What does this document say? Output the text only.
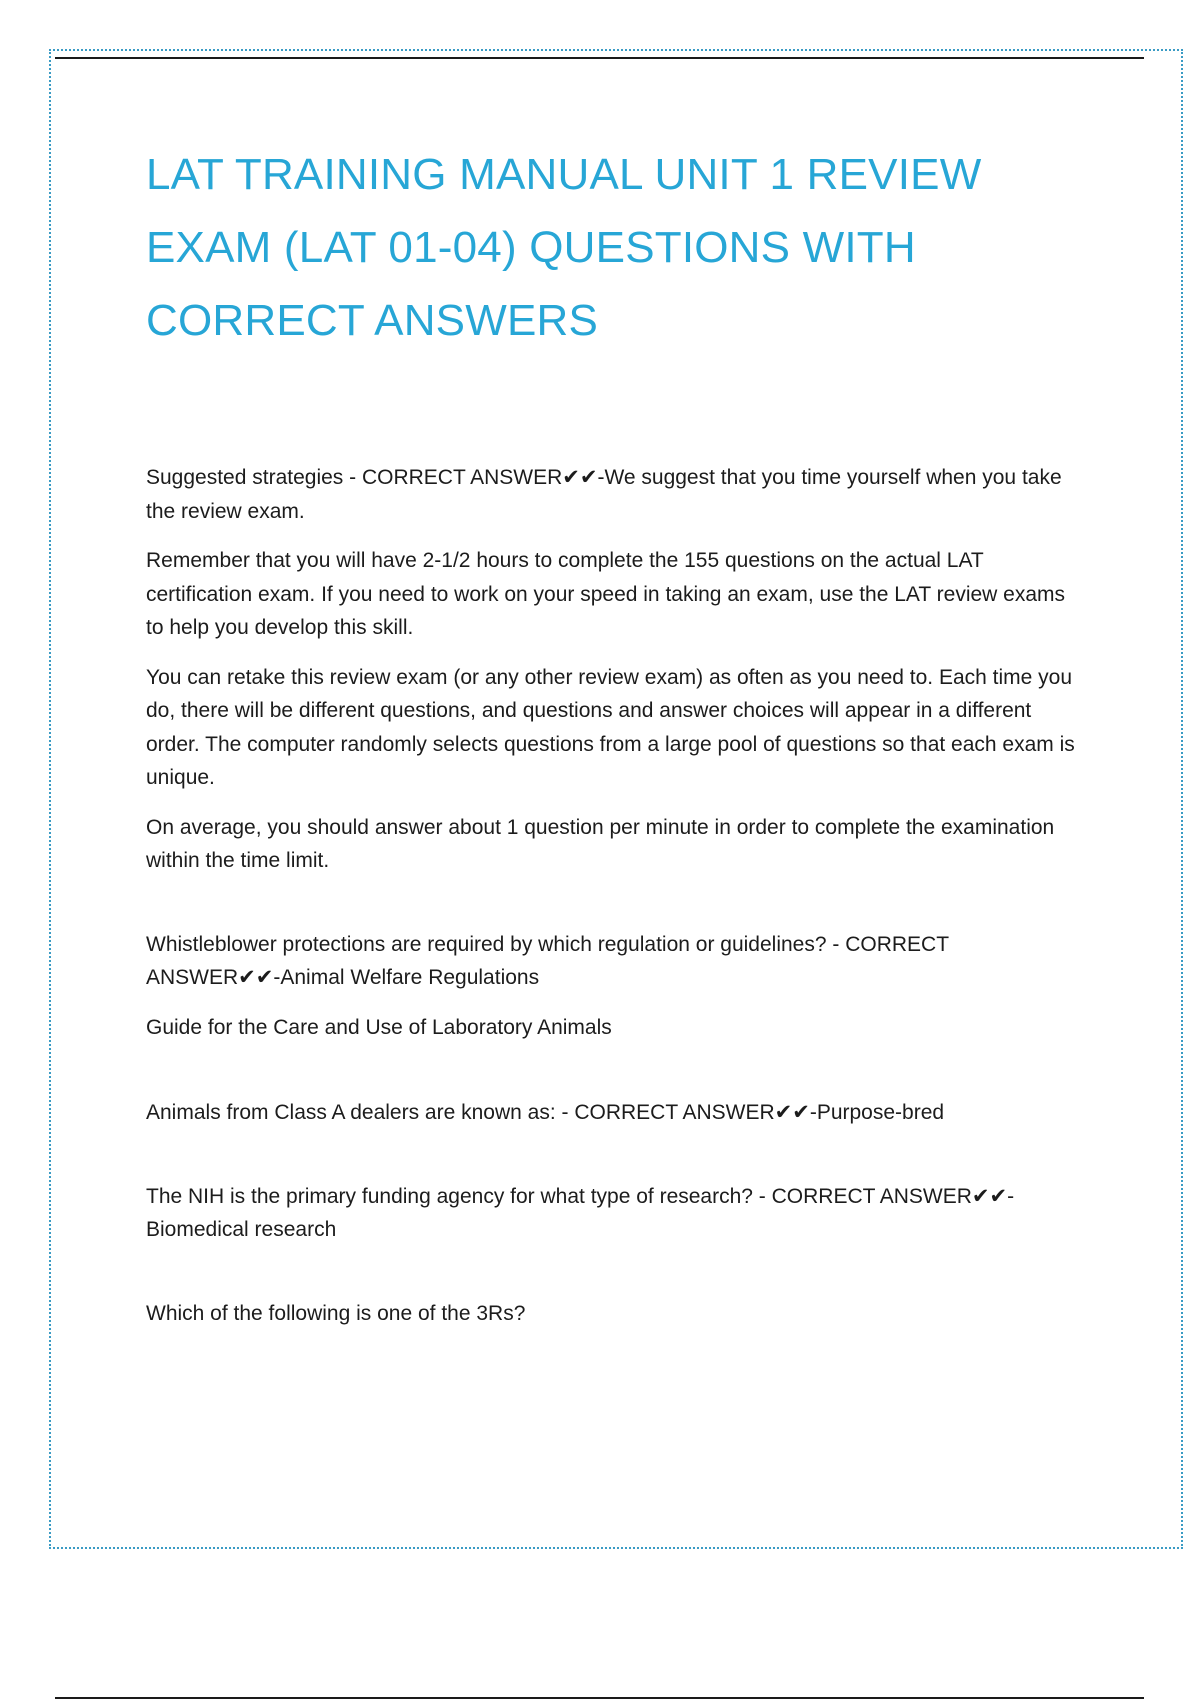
LAT TRAINING MANUAL UNIT 1 REVIEW EXAM (LAT 01-04) QUESTIONS WITH CORRECT ANSWERS

Suggested strategies - CORRECT ANSWER✔✔-We suggest that you time yourself when you take the review exam.

Remember that you will have 2-1/2 hours to complete the 155 questions on the actual LAT certification exam. If you need to work on your speed in taking an exam, use the LAT review exams to help you develop this skill.

You can retake this review exam (or any other review exam) as often as you need to. Each time you do, there will be different questions, and questions and answer choices will appear in a different order. The computer randomly selects questions from a large pool of questions so that each exam is unique.

On average, you should answer about 1 question per minute in order to complete the examination within the time limit.

Whistleblower protections are required by which regulation or guidelines? - CORRECT ANSWER✔✔-Animal Welfare Regulations

Guide for the Care and Use of Laboratory Animals

Animals from Class A dealers are known as: - CORRECT ANSWER✔✔-Purpose-bred

The NIH is the primary funding agency for what type of research? - CORRECT ANSWER✔✔-Biomedical research

Which of the following is one of the 3Rs?
